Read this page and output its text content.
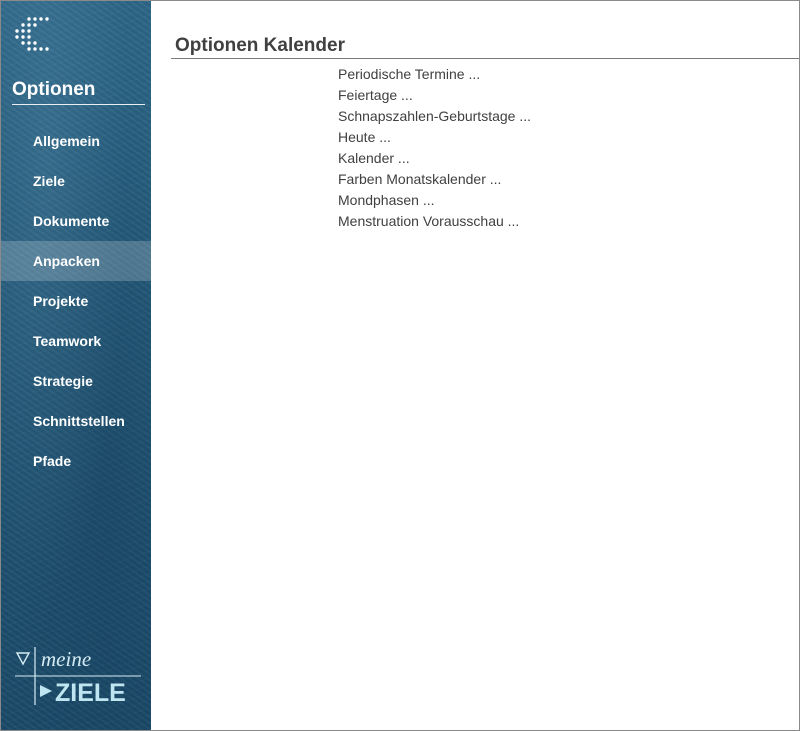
Optionen
Allgemein
Ziele
Dokumente
Anpacken
Projekte
Teamwork
Strategie
Schnittstellen
Pfade
meine
ZIELE
Optionen Kalender
Periodische Termine ...
Feiertage ...
Schnapszahlen-Geburtstage ...
Heute ...
Kalender ...
Farben Monatskalender ...
Mondphasen ...
Menstruation Vorausschau ...
